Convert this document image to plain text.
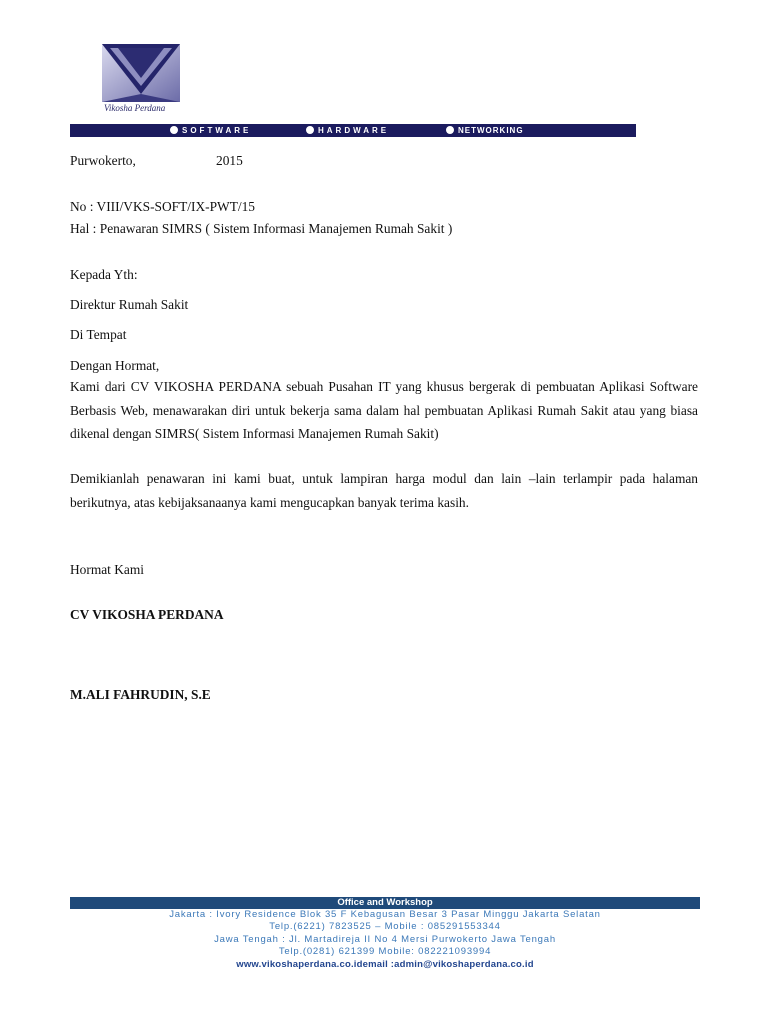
Vikosha Perdana
SOFTWARE	HARDWARE	NETWORKING
Purwokerto,	2015
No : VIII/VKS-SOFT/IX-PWT/15
Hal : Penawaran SIMRS ( Sistem Informasi Manajemen Rumah Sakit )
Kepada Yth:
Direktur Rumah Sakit
Di Tempat
Dengan Hormat,
Kami dari CV VIKOSHA PERDANA sebuah Pusahan IT yang khusus bergerak di pembuatan Aplikasi Software Berbasis Web, menawarakan diri untuk bekerja sama dalam hal pembuatan Aplikasi Rumah Sakit atau yang biasa dikenal dengan SIMRS( Sistem Informasi Manajemen Rumah Sakit)
Demikianlah penawaran ini kami buat, untuk lampiran harga modul dan lain –lain terlampir pada halaman berikutnya, atas kebijaksanaanya kami mengucapkan banyak terima kasih.
Hormat Kami
CV VIKOSHA PERDANA
M.ALI FAHRUDIN, S.E
Office and Workshop
Jakarta : Ivory Residence Blok 35 F Kebagusan Besar 3 Pasar Minggu Jakarta Selatan
Telp.(6221) 7823525 – Mobile : 085291553344
Jawa Tengah : Jl. Martadireja II No 4 Mersi Purwokerto Jawa Tengah
Telp.(0281) 621399 Mobile: 082221093994
www.vikoshaperdana.co.idemail :admin@vikoshaperdana.co.id
